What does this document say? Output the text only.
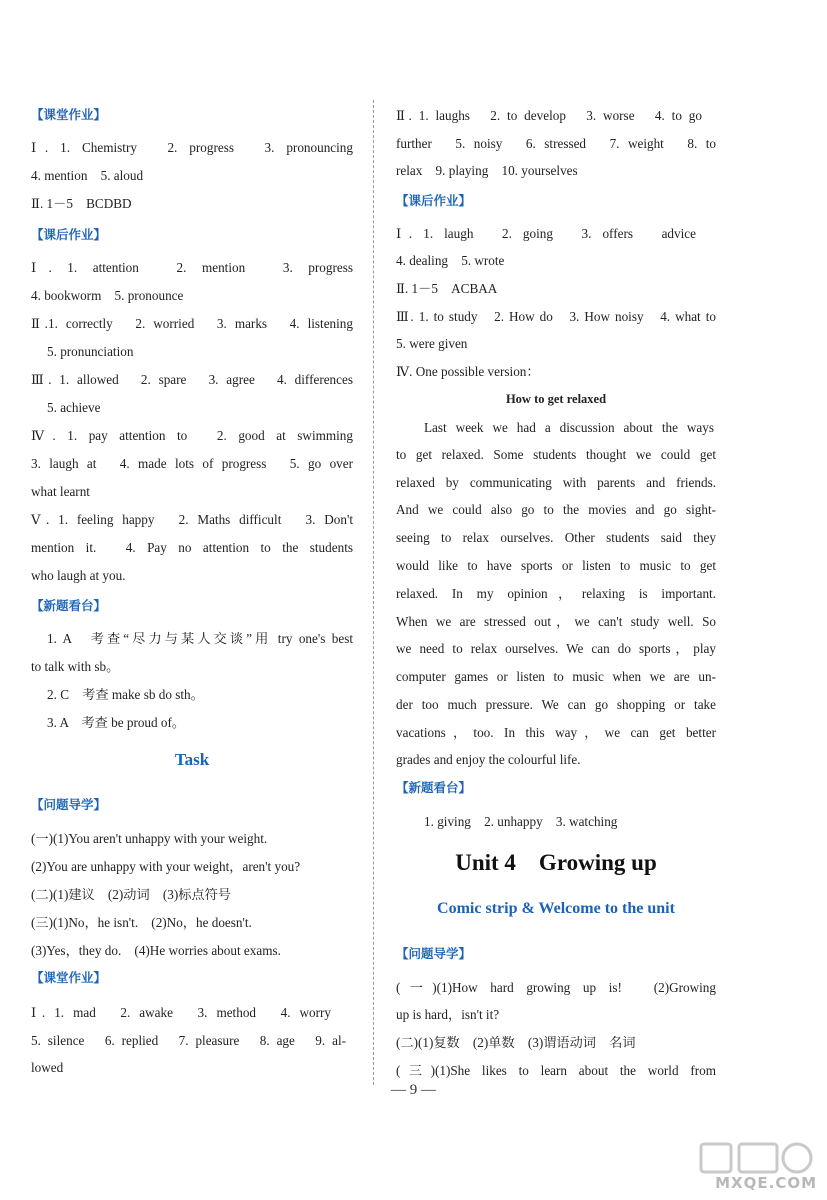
【课堂作业】
Ⅰ. 1. Chemistry　2. progress　3. pronouncing
4. mention　5. aloud
Ⅱ. 1－5　BCDBD
【课后作业】
Ⅰ. 1. attention　2. mention　3. progress
4. bookworm　5. pronounce
Ⅱ.1. correctly　2. worried　3. marks　4. listening
5. pronunciation
Ⅲ. 1. allowed　2. spare　3. agree　4. differences
5. achieve
Ⅳ. 1. pay attention to　2. good at swimming
3. laugh at　4. made lots of progress　5. go over
what learnt
Ⅴ. 1. feeling happy　2. Maths difficult　3. Don't
mention it.　4. Pay no attention to the students
who laugh at you.
【新题看台】
1. A　考查“尽力与某人交谈”用 try one's best
to talk with sb。
2. C　考查 make sb do sth。
3. A　考查 be proud of。
Task
【问题导学】
(一)(1)You aren't unhappy with your weight.
(2)You are unhappy with your weight，aren't you?
(二)(1)建议　(2)动词　(3)标点符号
(三)(1)No，he isn't.　(2)No，he doesn't.
(3)Yes，they do.　(4)He worries about exams.
【课堂作业】
Ⅰ. 1. mad　2. awake　3. method　4. worry
5. silence　6. replied　7. pleasure　8. age　9. al-
lowed
Ⅱ. 1. laughs　2. to develop　3. worse　4. to go
further　5. noisy　6. stressed　7. weight　8. to
relax　9. playing　10. yourselves
【课后作业】
Ⅰ. 1. laugh　2. going　3. offers　advice
4. dealing　5. wrote
Ⅱ. 1－5　ACBAA
Ⅲ. 1. to study　2. How do　3. How noisy　4. what to
5. were given
Ⅳ. One possible version：
How to get relaxed
Last week we had a discussion about the ways
to get relaxed. Some students thought we could get
relaxed by communicating with parents and friends.
And we could also go to the movies and go sight-
seeing to relax ourselves. Other students said they
would like to have sports or listen to music to get
relaxed. In my opinion，relaxing is important.
When we are stressed out，we can't study well. So
we need to relax ourselves. We can do sports，play
computer games or listen to music when we are un-
der too much pressure. We can go shopping or take
vacations，too. In this way，we can get better
grades and enjoy the colourful life.
【新题看台】
1. giving　2. unhappy　3. watching
Unit 4　Growing up
Comic strip & Welcome to the unit
【问题导学】
(一)(1)How hard growing up is!　(2)Growing
up is hard，isn't it?
(二)(1)复数　(2)单数　(3)谓语动词　名词
(三)(1)She likes to learn about the world from
— 9 —
MXQE.COM
